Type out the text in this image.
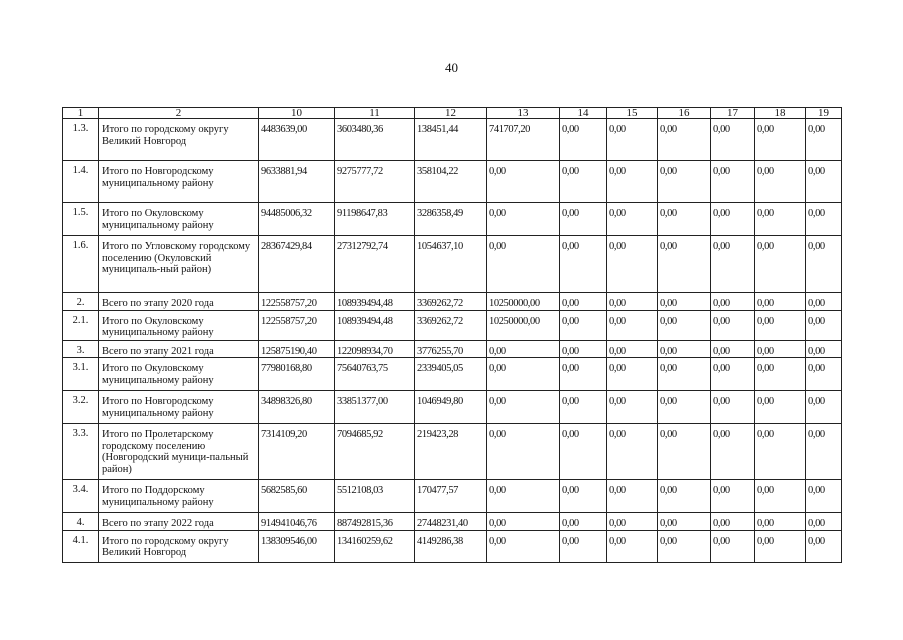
40
1	2	10	11	12	13	14	15	16	17	18	19
1.3.	Итого по городскому округу Великий Новгород	4483639,00	3603480,36	138451,44	741707,20	0,00	0,00	0,00	0,00	0,00	0,00
1.4.	Итого по Новгородскому муниципальному району	9633881,94	9275777,72	358104,22	0,00	0,00	0,00	0,00	0,00	0,00	0,00
1.5.	Итого по Окуловскому муниципальному району	94485006,32	91198647,83	3286358,49	0,00	0,00	0,00	0,00	0,00	0,00	0,00
1.6.	Итого по Угловскому городскому поселению (Окуловский муниципаль-ный район)	28367429,84	27312792,74	1054637,10	0,00	0,00	0,00	0,00	0,00	0,00	0,00
2.	Всего по этапу 2020 года	122558757,20	108939494,48	3369262,72	10250000,00	0,00	0,00	0,00	0,00	0,00	0,00
2.1.	Итого по Окуловскому муниципальному району	122558757,20	108939494,48	3369262,72	10250000,00	0,00	0,00	0,00	0,00	0,00	0,00
3.	Всего по этапу 2021 года	125875190,40	122098934,70	3776255,70	0,00	0,00	0,00	0,00	0,00	0,00	0,00
3.1.	Итого по Окуловскому муниципальному району	77980168,80	75640763,75	2339405,05	0,00	0,00	0,00	0,00	0,00	0,00	0,00
3.2.	Итого по Новгородскому муниципальному району	34898326,80	33851377,00	1046949,80	0,00	0,00	0,00	0,00	0,00	0,00	0,00
3.3.	Итого по Пролетарскому городскому поселению (Новгородский муници-пальный район)	7314109,20	7094685,92	219423,28	0,00	0,00	0,00	0,00	0,00	0,00	0,00
3.4.	Итого по Поддорскому муниципальному району	5682585,60	5512108,03	170477,57	0,00	0,00	0,00	0,00	0,00	0,00	0,00
4.	Всего по этапу 2022 года	914941046,76	887492815,36	27448231,40	0,00	0,00	0,00	0,00	0,00	0,00	0,00
4.1.	Итого по городскому округу Великий Новгород	138309546,00	134160259,62	4149286,38	0,00	0,00	0,00	0,00	0,00	0,00	0,00
